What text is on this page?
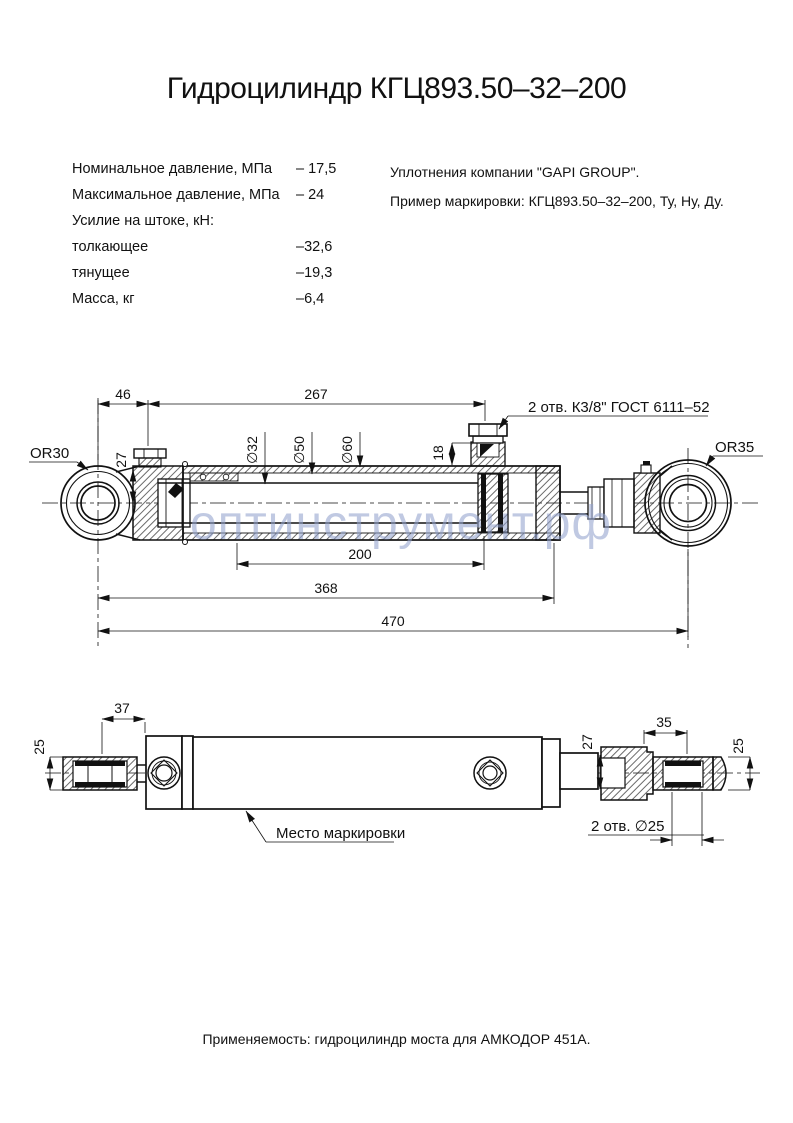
Гидроцилиндр КГЦ893.50–32–200
Номинальное давление, МПа	– 17,5
Максимальное давление, МПа	– 24
Усилие на штоке, кН:
толкающее	–32,6
тянущее	–19,3
Масса, кг	–6,4
Уплотнения компании "GAPI GROUP".
Пример маркировки: КГЦ893.50–32–200, Ту, Ну, Ду.
46	267
27	∅32 ∅50 ∅60	18
2 отв. К3/8" ГОСТ 6111–52
OR30	OR35
200
368
470
37
25	27
35
25
2 отв. ∅25
Место маркировки
оптинструмент.рф
Применяемость: гидроцилиндр моста для АМКОДОР 451А.
